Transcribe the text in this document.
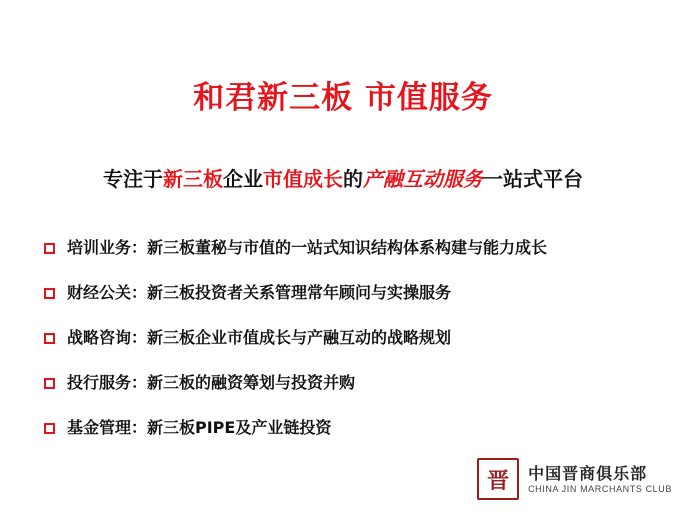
和君新三板 市值服务
专注于新三板企业市值成长的产融互动服务一站式平台
培训业务：新三板董秘与市值的一站式知识结构体系构建与能力成长
财经公关：新三板投资者关系管理常年顾问与实操服务
战略咨询：新三板企业市值成长与产融互动的战略规划
投行服务：新三板的融资筹划与投资并购
基金管理：新三板PIPE及产业链投资
晋	中国晋商俱乐部
CHINA JIN MARCHANTS CLUB
